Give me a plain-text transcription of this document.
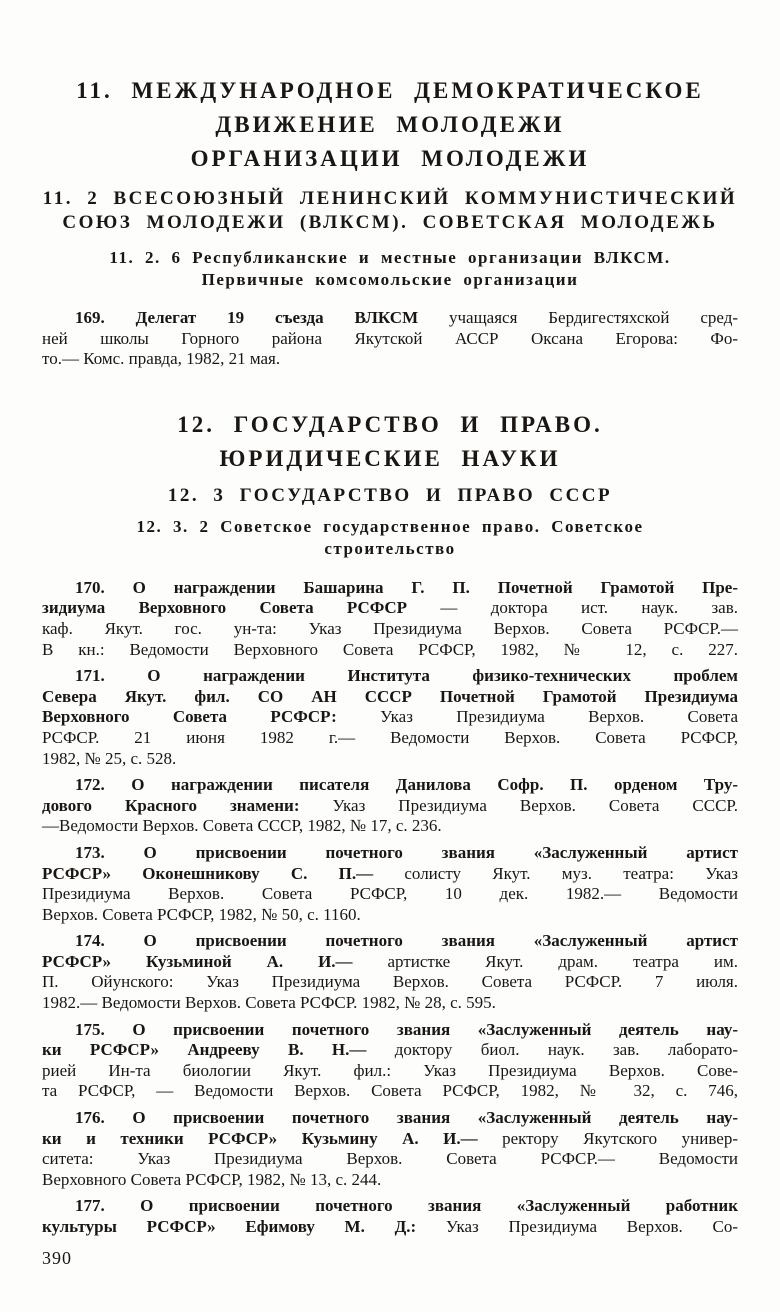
11. МЕЖДУНАРОДНОЕ ДЕМОКРАТИЧЕСКОЕ
ДВИЖЕНИЕ МОЛОДЕЖИ
ОРГАНИЗАЦИИ МОЛОДЕЖИ
11. 2 ВСЕСОЮЗНЫЙ ЛЕНИНСКИЙ КОММУНИСТИЧЕСКИЙ
СОЮЗ МОЛОДЕЖИ (ВЛКСМ). СОВЕТСКАЯ МОЛОДЕЖЬ
11. 2. 6 Республиканские и местные организации ВЛКСМ.
Первичные комсомольские организации
169. Делегат 19 съезда ВЛКСМ учащаяся Бердигестяхской сред-
ней школы Горного района Якутской АССР Оксана Егорова: Фо-
то.— Комс. правда, 1982, 21 мая.
12. ГОСУДАРСТВО И ПРАВО.
ЮРИДИЧЕСКИЕ НАУКИ
12. 3 ГОСУДАРСТВО И ПРАВО СССР
12. 3. 2 Советское государственное право. Советское
строительство
170. О награждении Башарина Г. П. Почетной Грамотой Пре-
зидиума Верховного Совета РСФСР — доктора ист. наук. зав.
каф. Якут. гос. ун-та: Указ Президиума Верхов. Совета РСФСР.—
В кн.: Ведомости Верховного Совета РСФСР, 1982, № 12, с. 227.
171. О награждении Института физико-технических проблем
Севера Якут. фил. СО АН СССР Почетной Грамотой Президиума
Верховного Совета РСФСР: Указ Президиума Верхов. Совета
РСФСР. 21 июня 1982 г.— Ведомости Верхов. Совета РСФСР,
1982, № 25, с. 528.
172. О награждении писателя Данилова Софр. П. орденом Тру-
дового Красного знамени: Указ Президиума Верхов. Совета СССР.
—Ведомости Верхов. Совета СССР, 1982, № 17, с. 236.
173. О присвоении почетного звания «Заслуженный артист
РСФСР» Оконешникову С. П.— солисту Якут. муз. театра: Указ
Президиума Верхов. Совета РСФСР, 10 дек. 1982.— Ведомости
Верхов. Совета РСФСР, 1982, № 50, с. 1160.
174. О присвоении почетного звания «Заслуженный артист
РСФСР» Кузьминой А. И.— артистке Якут. драм. театра им.
П. Ойунского: Указ Президиума Верхов. Совета РСФСР. 7 июля.
1982.— Ведомости Верхов. Совета РСФСР. 1982, № 28, с. 595.
175. О присвоении почетного звания «Заслуженный деятель нау-
ки РСФСР» Андрееву В. Н.— доктору биол. наук. зав. лаборато-
рией Ин-та биологии Якут. фил.: Указ Президиума Верхов. Сове-
та РСФСР, — Ведомости Верхов. Совета РСФСР, 1982, № 32, с. 746,
176. О присвоении почетного звания «Заслуженный деятель нау-
ки и техники РСФСР» Кузьмину А. И.— ректору Якутского универ-
ситета: Указ Президиума Верхов. Совета РСФСР.— Ведомости
Верховного Совета РСФСР, 1982, № 13, с. 244.
177. О присвоении почетного звания «Заслуженный работник
культуры РСФСР» Ефимову М. Д.: Указ Президиума Верхов. Со-
390
